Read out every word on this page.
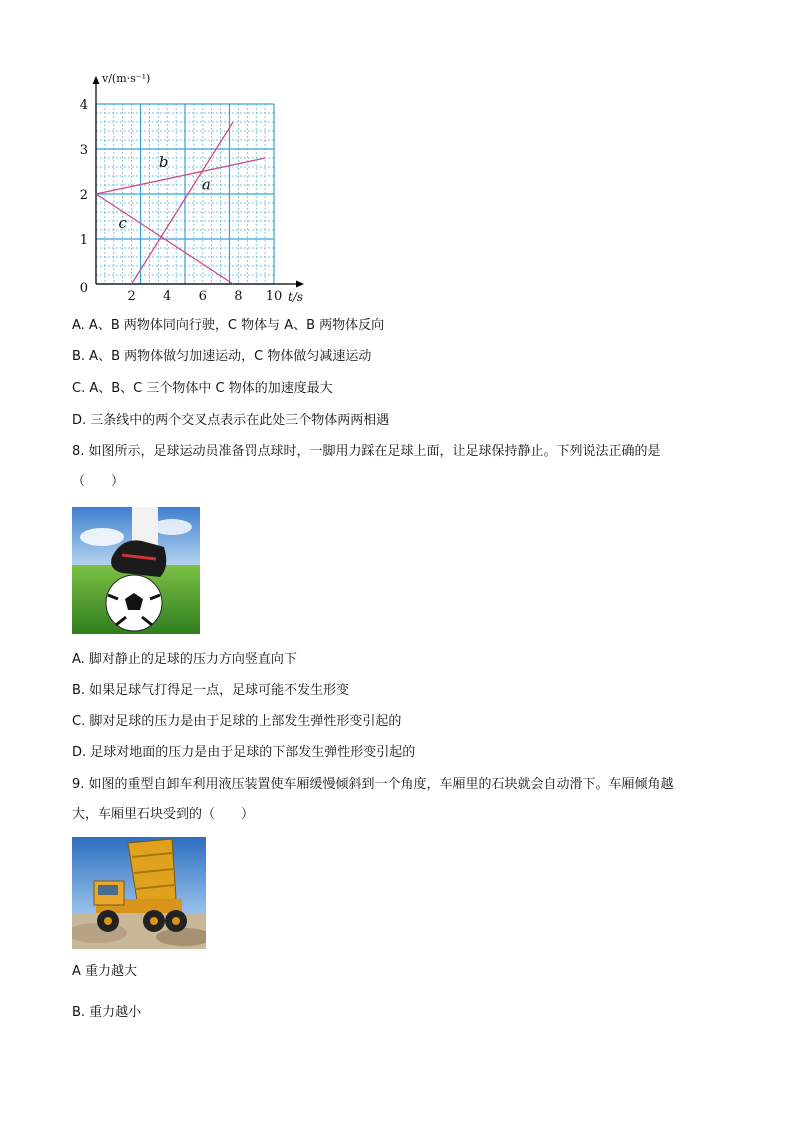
2 4 6 8 10
1
2
3
4
0
t/s
v/(m·s⁻¹)
a
b
c
A. A、B 两物体同向行驶，C 物体与 A、B 两物体反向
B. A、B 两物体做匀加速运动，C 物体做匀减速运动
C. A、B、C 三个物体中 C 物体的加速度最大
D. 三条线中的两个交叉点表示在此处三个物体两两相遇
8. 如图所示，足球运动员准备罚点球时，一脚用力踩在足球上面，让足球保持静止。下列说法正确的是
（　　）
A. 脚对静止的足球的压力方向竖直向下
B. 如果足球气打得足一点，足球可能不发生形变
C. 脚对足球的压力是由于足球的上部发生弹性形变引起的
D. 足球对地面的压力是由于足球的下部发生弹性形变引起的
9. 如图的重型自卸车利用液压装置使车厢缓慢倾斜到一个角度，车厢里的石块就会自动滑下。车厢倾角越
大，车厢里石块受到的（　　）
A 重力越大
B. 重力越小
